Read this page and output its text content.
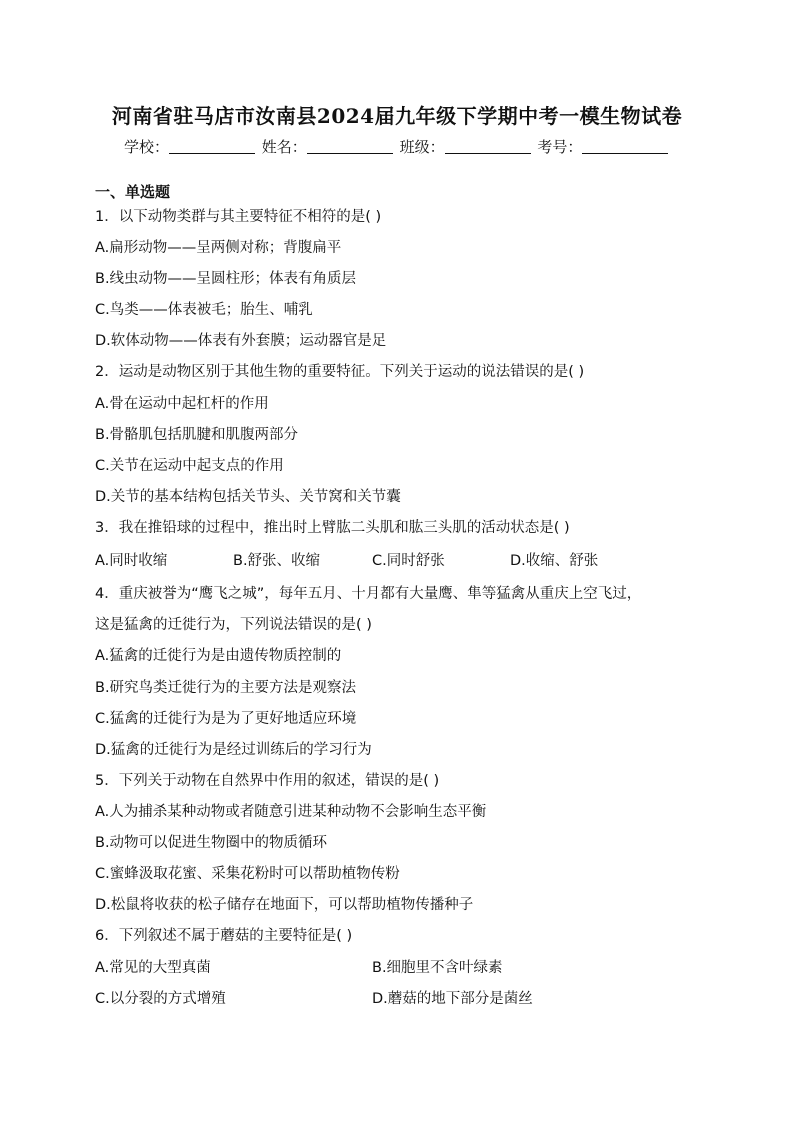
河南省驻马店市汝南县2024届九年级下学期中考一模生物试卷
学校：	姓名：	班级：	考号：
一、单选题
1．以下动物类群与其主要特征不相符的是( )
A.扁形动物——呈两侧对称；背腹扁平
B.线虫动物——呈圆柱形；体表有角质层
C.鸟类——体表被毛；胎生、哺乳
D.软体动物——体表有外套膜；运动器官是足
2．运动是动物区别于其他生物的重要特征。下列关于运动的说法错误的是( )
A.骨在运动中起杠杆的作用
B.骨骼肌包括肌腱和肌腹两部分
C.关节在运动中起支点的作用
D.关节的基本结构包括关节头、关节窝和关节囊
3．我在推铅球的过程中，推出时上臂肱二头肌和肱三头肌的活动状态是( )
A.同时收缩	B.舒张、收缩	C.同时舒张	D.收缩、舒张
4．重庆被誉为“鹰飞之城”，每年五月、十月都有大量鹰、隼等猛禽从重庆上空飞过，
这是猛禽的迁徙行为，下列说法错误的是( )
A.猛禽的迁徙行为是由遗传物质控制的
B.研究鸟类迁徙行为的主要方法是观察法
C.猛禽的迁徙行为是为了更好地适应环境
D.猛禽的迁徙行为是经过训练后的学习行为
5．下列关于动物在自然界中作用的叙述，错误的是( )
A.人为捕杀某种动物或者随意引进某种动物不会影响生态平衡
B.动物可以促进生物圈中的物质循环
C.蜜蜂汲取花蜜、采集花粉时可以帮助植物传粉
D.松鼠将收获的松子储存在地面下，可以帮助植物传播种子
6．下列叙述不属于蘑菇的主要特征是( )
A.常见的大型真菌	B.细胞里不含叶绿素
C.以分裂的方式增殖	D.蘑菇的地下部分是菌丝
